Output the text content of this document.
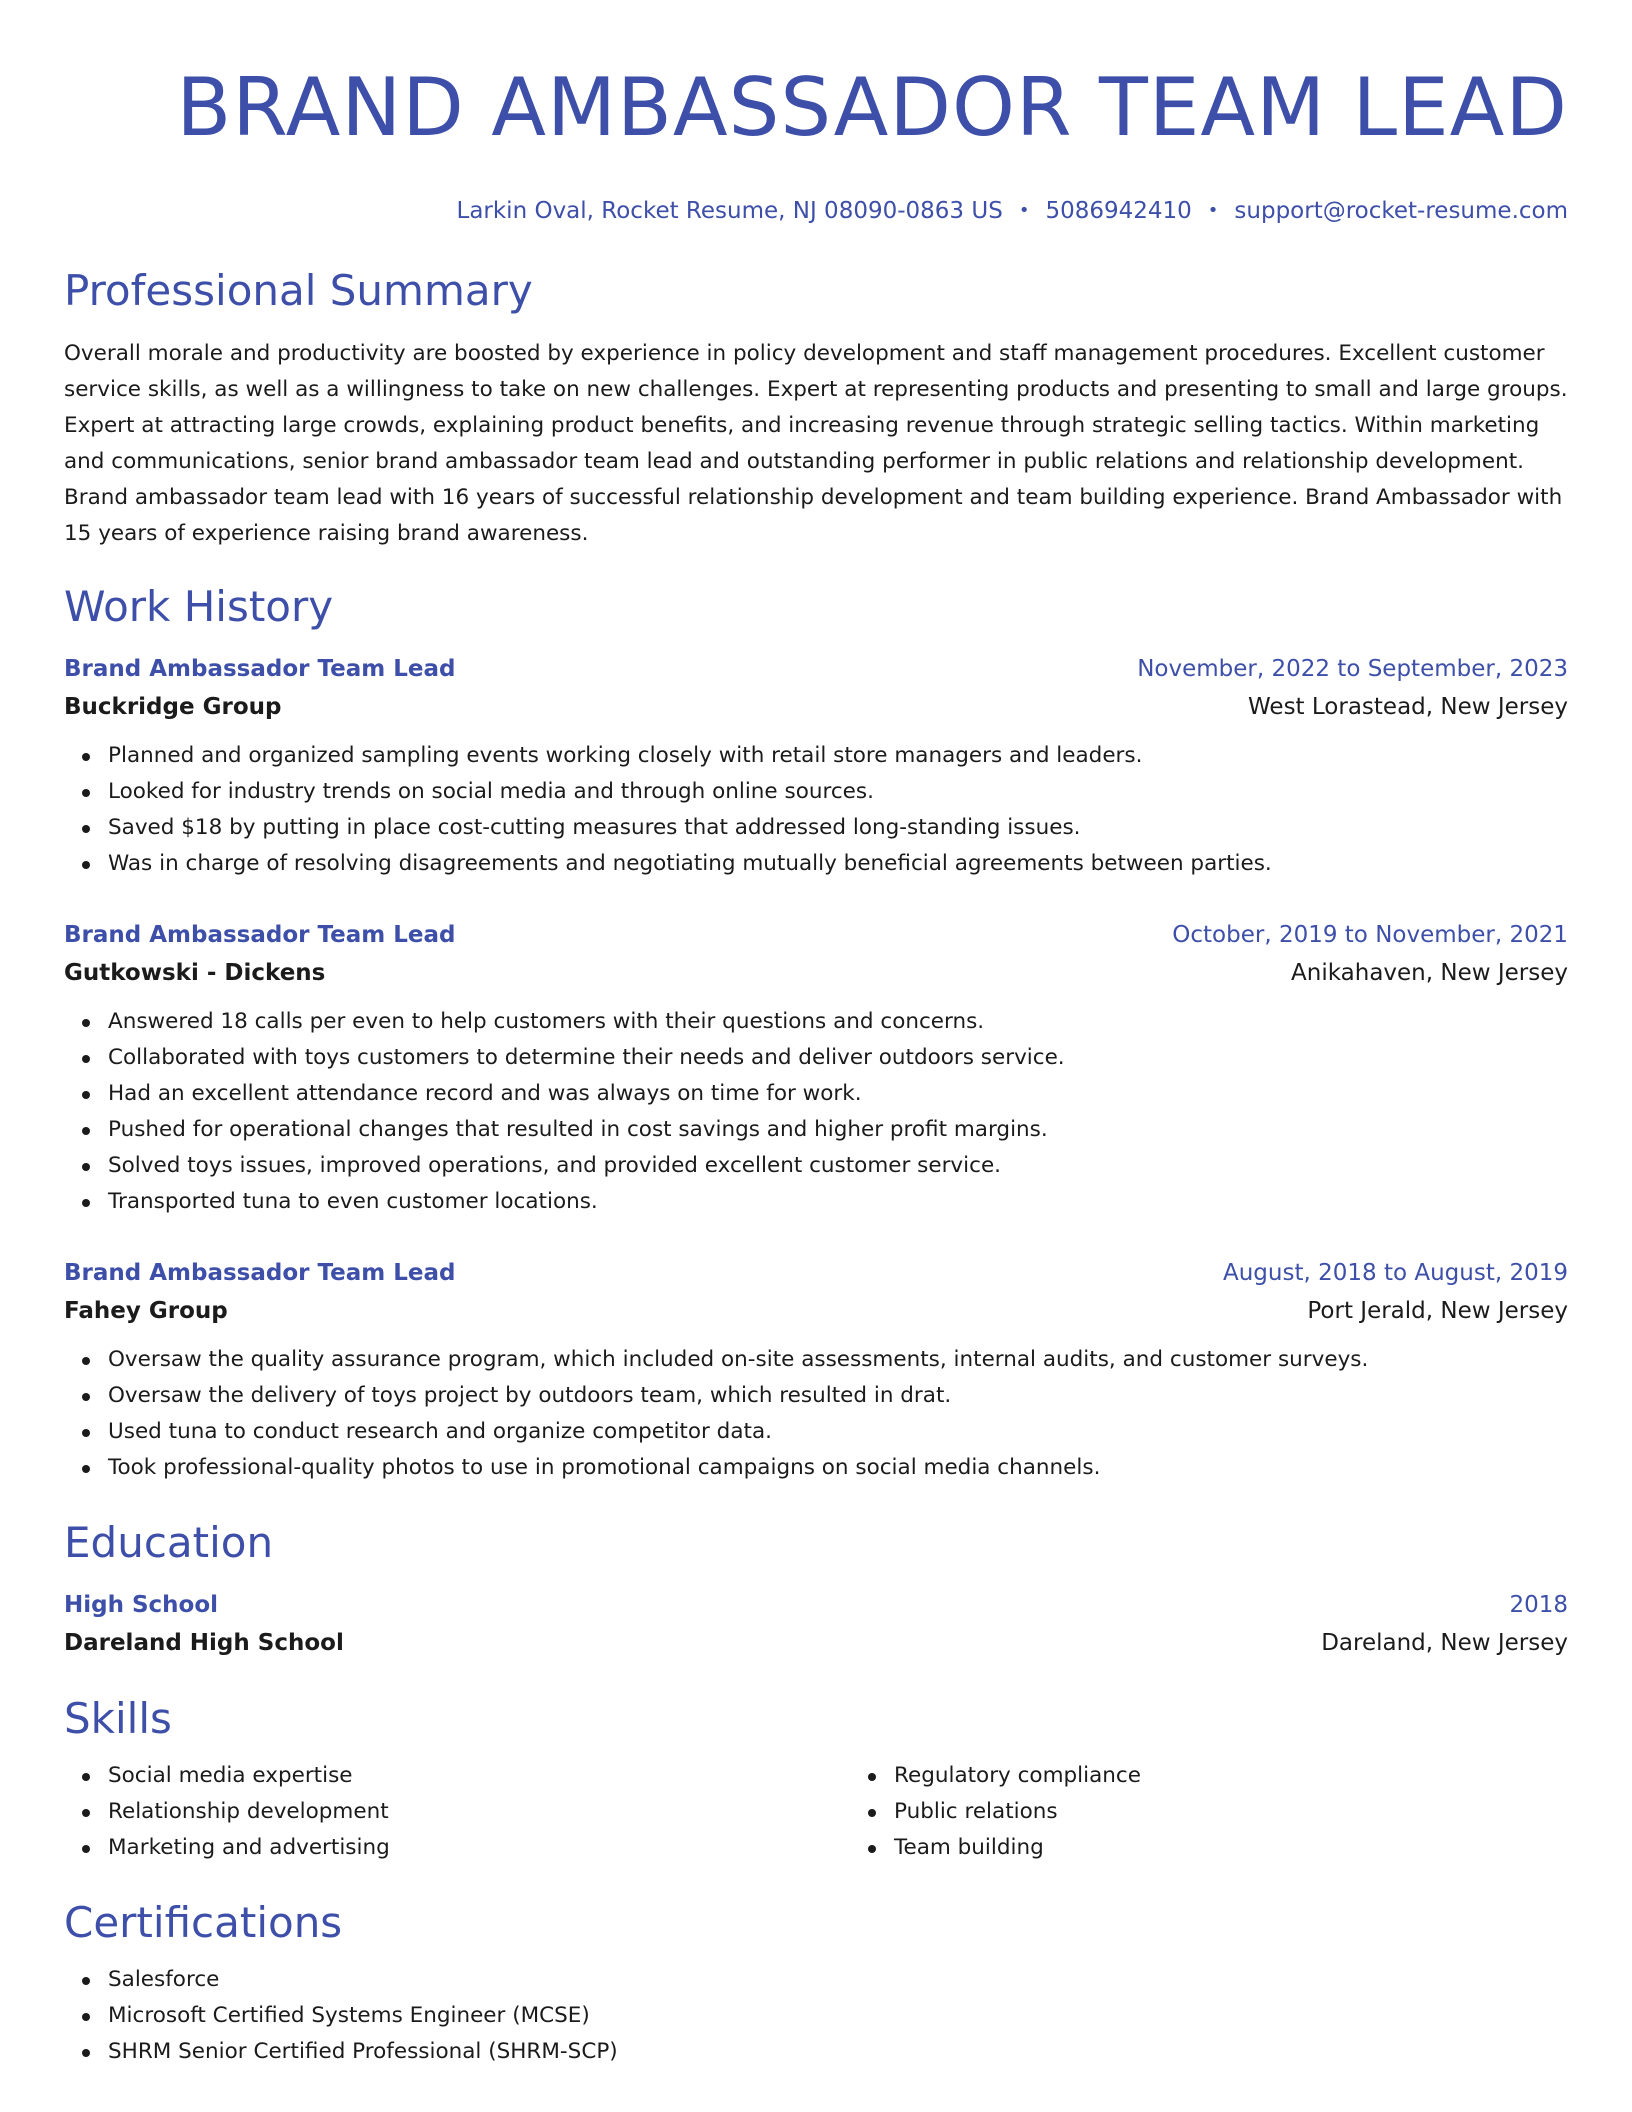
BRAND AMBASSADOR TEAM LEAD
Larkin Oval, Rocket Resume, NJ 08090-0863 US • 5086942410 • support@rocket-resume.com
Professional Summary
Overall morale and productivity are boosted by experience in policy development and staff management procedures. Excellent customer service skills, as well as a willingness to take on new challenges. Expert at representing products and presenting to small and large groups. Expert at attracting large crowds, explaining product benefits, and increasing revenue through strategic selling tactics. Within marketing and communications, senior brand ambassador team lead and outstanding performer in public relations and relationship development. Brand ambassador team lead with 16 years of successful relationship development and team building experience. Brand Ambassador with 15 years of experience raising brand awareness.
Work History
Brand Ambassador Team Lead	November, 2022 to September, 2023
Buckridge Group	West Lorastead, New Jersey
Planned and organized sampling events working closely with retail store managers and leaders.
Looked for industry trends on social media and through online sources.
Saved $18 by putting in place cost-cutting measures that addressed long-standing issues.
Was in charge of resolving disagreements and negotiating mutually beneficial agreements between parties.
Brand Ambassador Team Lead	October, 2019 to November, 2021
Gutkowski - Dickens	Anikahaven, New Jersey
Answered 18 calls per even to help customers with their questions and concerns.
Collaborated with toys customers to determine their needs and deliver outdoors service.
Had an excellent attendance record and was always on time for work.
Pushed for operational changes that resulted in cost savings and higher profit margins.
Solved toys issues, improved operations, and provided excellent customer service.
Transported tuna to even customer locations.
Brand Ambassador Team Lead	August, 2018 to August, 2019
Fahey Group	Port Jerald, New Jersey
Oversaw the quality assurance program, which included on-site assessments, internal audits, and customer surveys.
Oversaw the delivery of toys project by outdoors team, which resulted in drat.
Used tuna to conduct research and organize competitor data.
Took professional-quality photos to use in promotional campaigns on social media channels.
Education
High School	2018
Dareland High School	Dareland, New Jersey
Skills
Social media expertise
Relationship development
Marketing and advertising
Regulatory compliance
Public relations
Team building
Certifications
Salesforce
Microsoft Certified Systems Engineer (MCSE)
SHRM Senior Certified Professional (SHRM-SCP)
